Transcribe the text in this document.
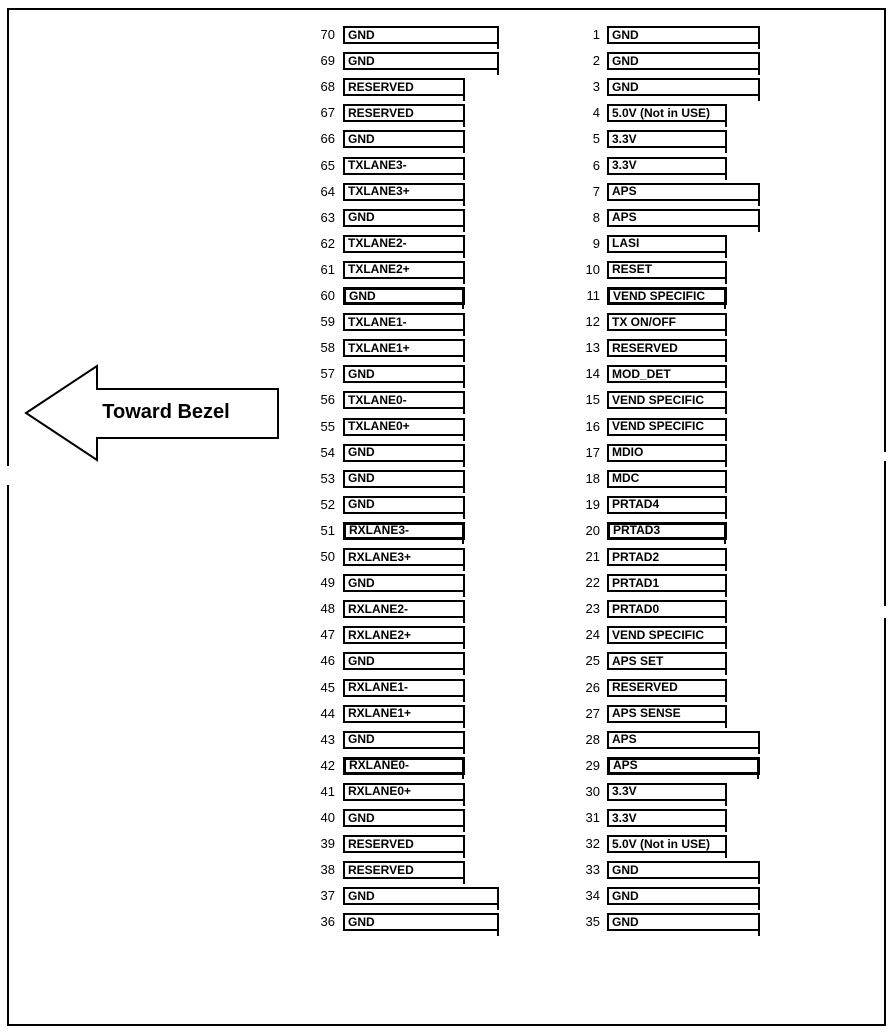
Toward Bezel
70 GND
69 GND
68 RESERVED
67 RESERVED
66 GND
65 TXLANE3-
64 TXLANE3+
63 GND
62 TXLANE2-
61 TXLANE2+
60 GND
59 TXLANE1-
58 TXLANE1+
57 GND
56 TXLANE0-
55 TXLANE0+
54 GND
53 GND
52 GND
51 RXLANE3-
50 RXLANE3+
49 GND
48 RXLANE2-
47 RXLANE2+
46 GND
45 RXLANE1-
44 RXLANE1+
43 GND
42 RXLANE0-
41 RXLANE0+
40 GND
39 RESERVED
38 RESERVED
37 GND
36 GND
1 GND
2 GND
3 GND
4 5.0V (Not in USE)
5 3.3V
6 3.3V
7 APS
8 APS
9 LASI
10 RESET
11 VEND SPECIFIC
12 TX ON/OFF
13 RESERVED
14 MOD_DET
15 VEND SPECIFIC
16 VEND SPECIFIC
17 MDIO
18 MDC
19 PRTAD4
20 PRTAD3
21 PRTAD2
22 PRTAD1
23 PRTAD0
24 VEND SPECIFIC
25 APS SET
26 RESERVED
27 APS SENSE
28 APS
29 APS
30 3.3V
31 3.3V
32 5.0V (Not in USE)
33 GND
34 GND
35 GND
